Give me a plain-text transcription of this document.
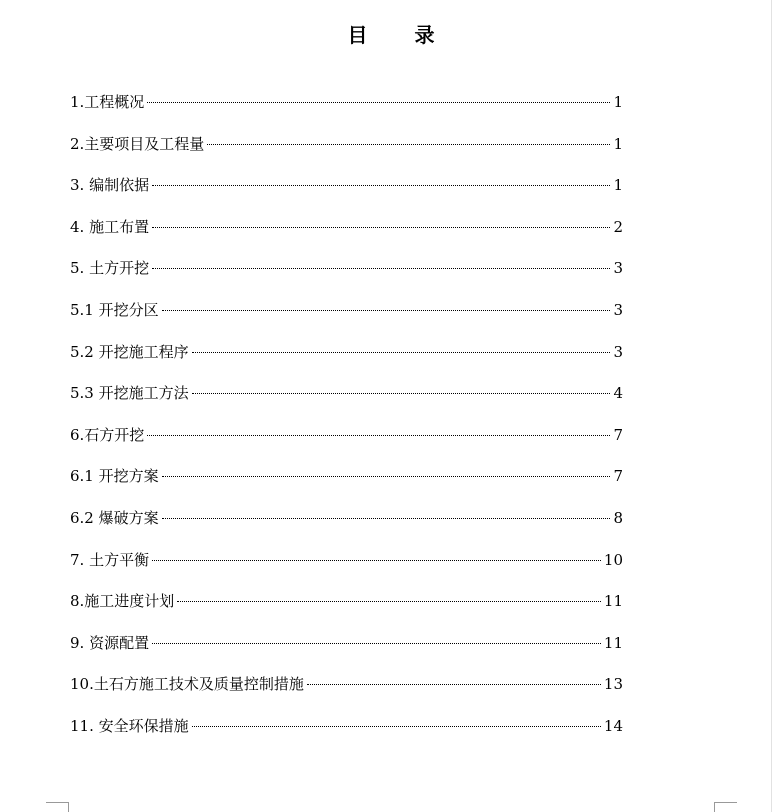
目 录
1.工程概况	1
2.主要项目及工程量	1
3. 编制依据	1
4. 施工布置	2
5. 土方开挖	3
5.1 开挖分区	3
5.2 开挖施工程序	3
5.3 开挖施工方法	4
6.石方开挖	7
6.1 开挖方案	7
6.2 爆破方案	8
7. 土方平衡	10
8.施工进度计划	11
9. 资源配置	11
10.土石方施工技术及质量控制措施	13
11. 安全环保措施	14
